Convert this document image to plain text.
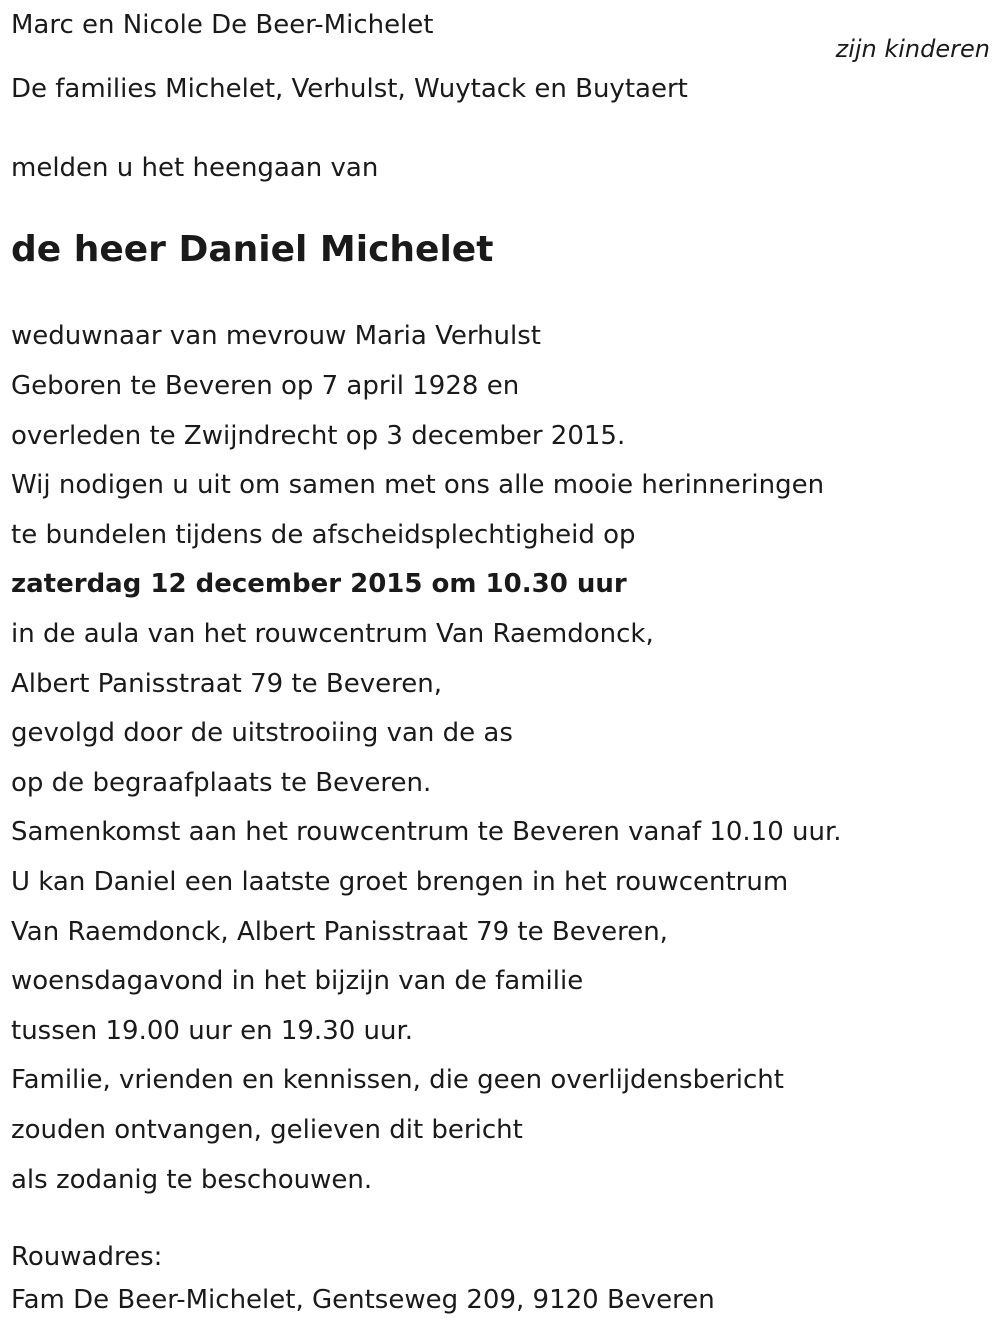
Marc en Nicole De Beer-Michelet
zijn kinderen
De families Michelet, Verhulst, Wuytack en Buytaert
melden u het heengaan van
de heer Daniel Michelet
weduwnaar van mevrouw Maria Verhulst
Geboren te Beveren op 7 april 1928 en
overleden te Zwijndrecht op 3 december 2015.
Wij nodigen u uit om samen met ons alle mooie herinneringen
te bundelen tijdens de afscheidsplechtigheid op
zaterdag 12 december 2015 om 10.30 uur
in de aula van het rouwcentrum Van Raemdonck,
Albert Panisstraat 79 te Beveren,
gevolgd door de uitstrooiing van de as
op de begraafplaats te Beveren.
Samenkomst aan het rouwcentrum te Beveren vanaf 10.10 uur.
U kan Daniel een laatste groet brengen in het rouwcentrum
Van Raemdonck, Albert Panisstraat 79 te Beveren,
woensdagavond in het bijzijn van de familie
tussen 19.00 uur en 19.30 uur.
Familie, vrienden en kennissen, die geen overlijdensbericht
zouden ontvangen, gelieven dit bericht
als zodanig te beschouwen.
Rouwadres:
Fam De Beer-Michelet, Gentseweg 209, 9120 Beveren
